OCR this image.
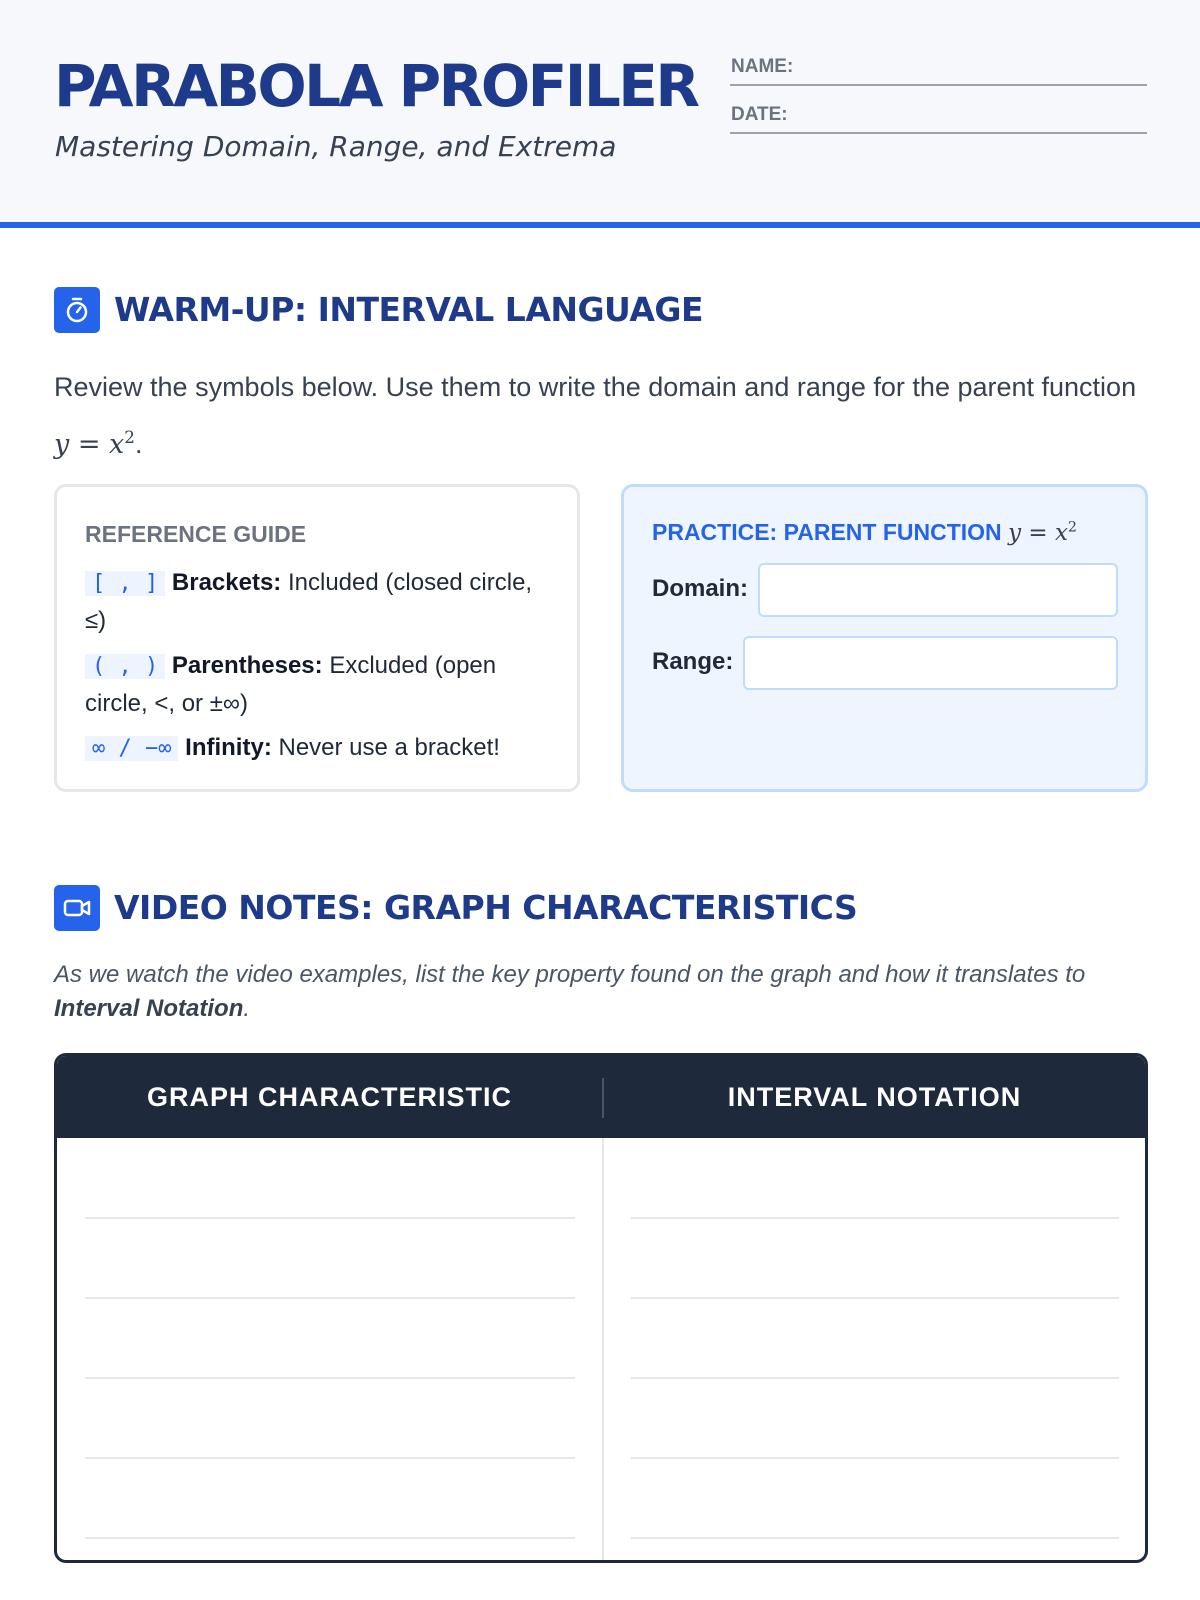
PARABOLA PROFILER
Mastering Domain, Range, and Extrema
NAME:
DATE:
WARM-UP: INTERVAL LANGUAGE
Review the symbols below. Use them to write the domain and range for the parent function $y = x^2$.
REFERENCE GUIDE
[ , ] Brackets: Included (closed circle, ≤)
( , ) Parentheses: Excluded (open circle, <, or ±∞)
∞ / −∞ Infinity: Never use a bracket!
PRACTICE: PARENT FUNCTION $y = x^2$
Domain:
Range:
VIDEO NOTES: GRAPH CHARACTERISTICS
As we watch the video examples, list the key property found on the graph and how it translates to Interval Notation.
GRAPH CHARACTERISTIC	INTERVAL NOTATION
